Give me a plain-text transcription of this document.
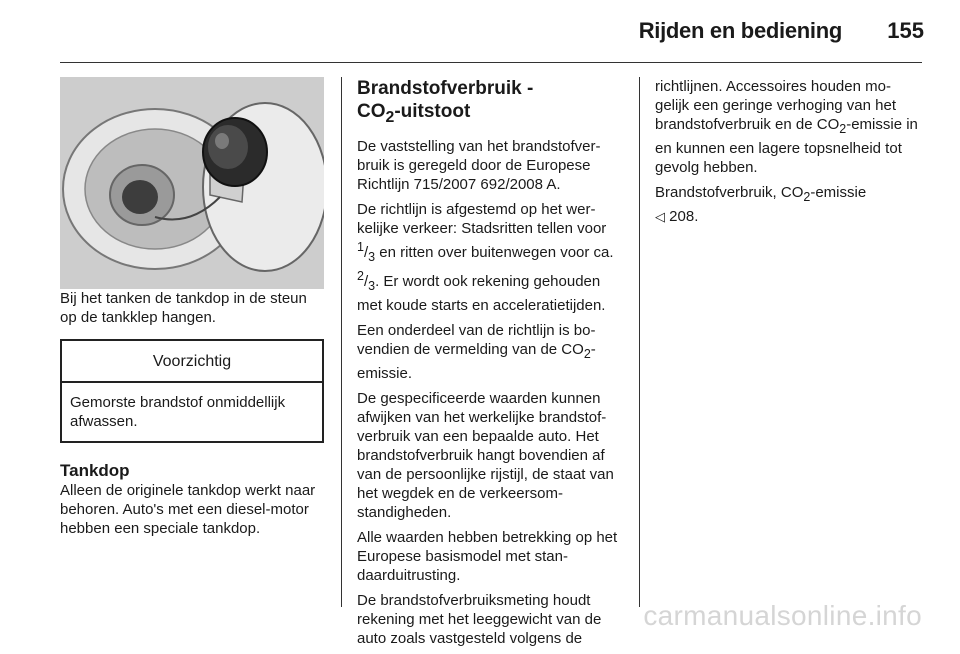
Rijden en bediening 155

Bij het tanken de tankdop in de steun op de tankklep hangen.

Voorzichtig
Gemorste brandstof onmiddellijk afwassen.
Tankdop

Alleen de originele tankdop werkt naar behoren. Auto's met een diesel-motor hebben een speciale tankdop.

Brandstofverbruik -
$CO_2$-uitstoot

De vaststelling van het brandstofver-bruik is geregeld door de Europese Richtlijn 715/2007 692/2008 A.

De richtlijn is afgestemd op het wer-kelijke verkeer: Stadsritten tellen voor $^1/_3$ en ritten over buitenwegen voor ca. $^2/_3$. Er wordt ook rekening gehouden met koude starts en acceleratietijden.

Een onderdeel van de richtlijn is bo-vendien de vermelding van de $CO_2$-emissie.

De gespecificeerde waarden kunnen afwijken van het werkelijke brandstof-verbruik van een bepaalde auto. Het brandstofverbruik hangt bovendien af van de persoonlijke rijstijl, de staat van het wegdek en de verkeersom-standigheden.

Alle waarden hebben betrekking op het Europese basismodel met stan-daarduitrusting.

De brandstofverbruiksmeting houdt rekening met het leeggewicht van de auto zoals vastgesteld volgens de

richtlijnen. Accessoires houden mo-gelijk een geringe verhoging van het brandstofverbruik en de $CO_2$-emissie in en kunnen een lagere topsnelheid tot gevolg hebben.

Brandstofverbruik, $CO_2$-emissie
◁ 208.

carmanualsonline.info
